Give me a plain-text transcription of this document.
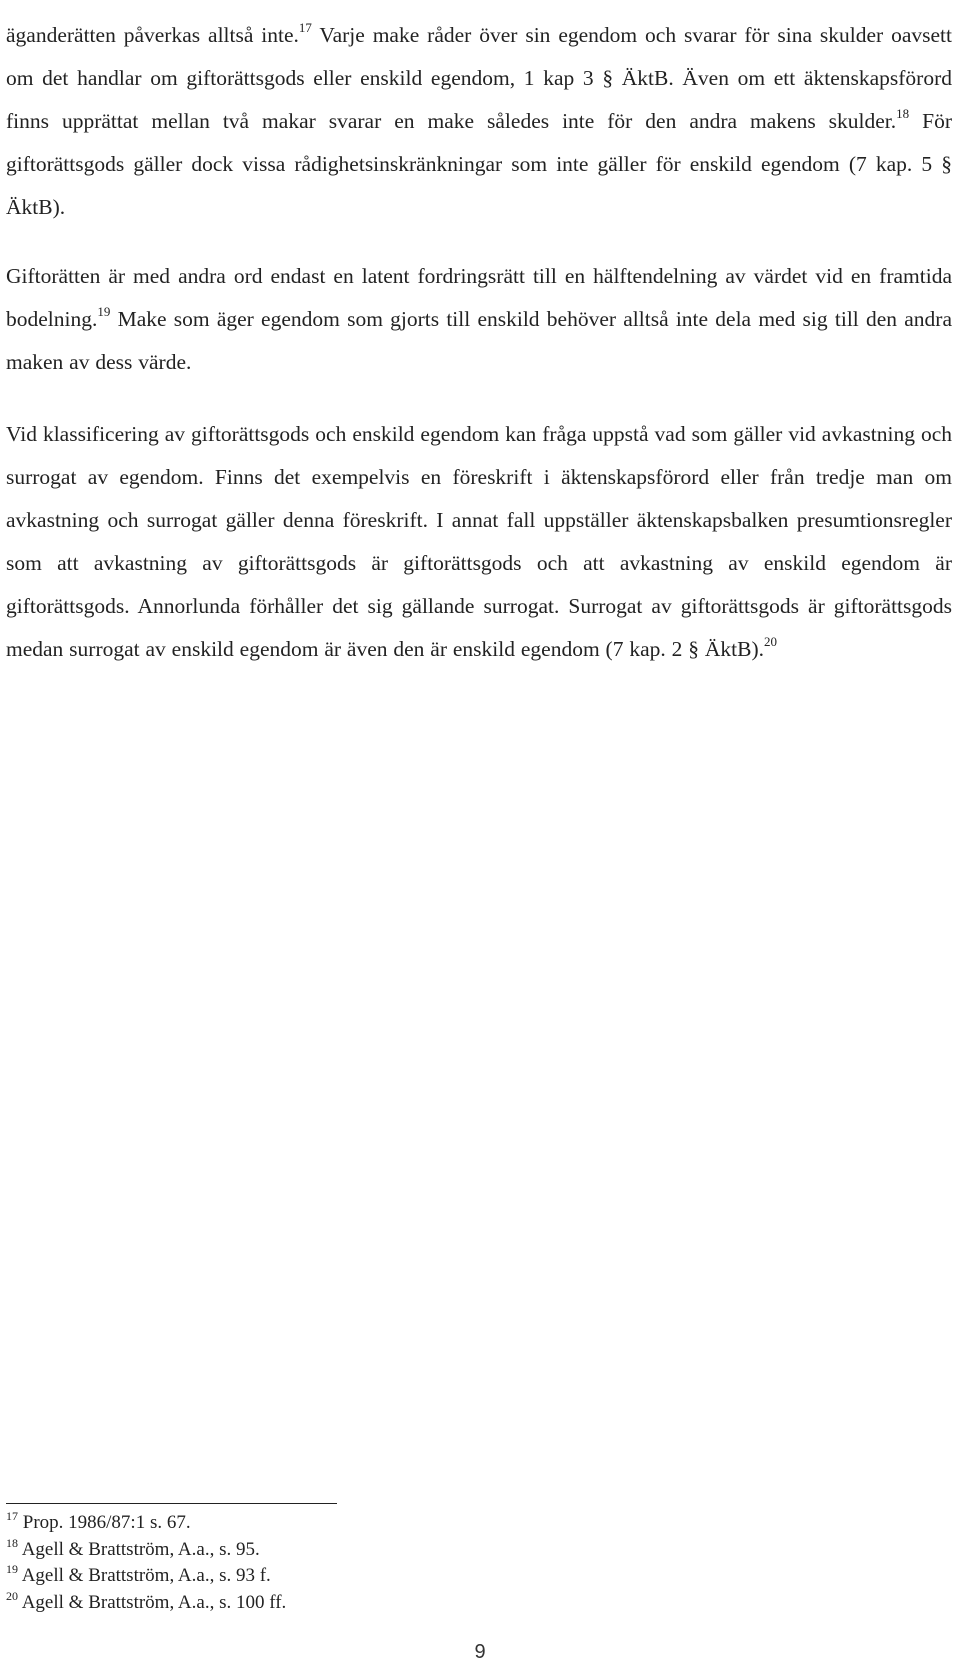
äganderätten påverkas alltså inte.$^{17}$ Varje make råder över sin egendom och svarar för sina skulder oavsett om det handlar om giftorättsgods eller enskild egendom, 1 kap 3 § ÄktB. Även om ett äktenskapsförord finns upprättat mellan två makar svarar en make således inte för den andra makens skulder.$^{18}$ För giftorättsgods gäller dock vissa rådighetsinskränkningar som inte gäller för enskild egendom (7 kap. 5 § ÄktB).

Giftorätten är med andra ord endast en latent fordringsrätt till en hälftendelning av värdet vid en framtida bodelning.$^{19}$ Make som äger egendom som gjorts till enskild behöver alltså inte dela med sig till den andra maken av dess värde.

Vid klassificering av giftorättsgods och enskild egendom kan fråga uppstå vad som gäller vid avkastning och surrogat av egendom. Finns det exempelvis en föreskrift i äktenskapsförord eller från tredje man om avkastning och surrogat gäller denna föreskrift. I annat fall uppställer äktenskapsbalken presumtionsregler som att avkastning av giftorättsgods är giftorättsgods och att avkastning av enskild egendom är giftorättsgods. Annorlunda förhåller det sig gällande surrogat. Surrogat av giftorättsgods är giftorättsgods medan surrogat av enskild egendom är även den är enskild egendom (7 kap. 2 § ÄktB).$^{20}$

$^{17}$ Prop. 1986/87:1 s. 67.
$^{18}$ Agell & Brattström, A.a., s. 95.
$^{19}$ Agell & Brattström, A.a., s. 93 f.
$^{20}$ Agell & Brattström, A.a., s. 100 ff.
9
